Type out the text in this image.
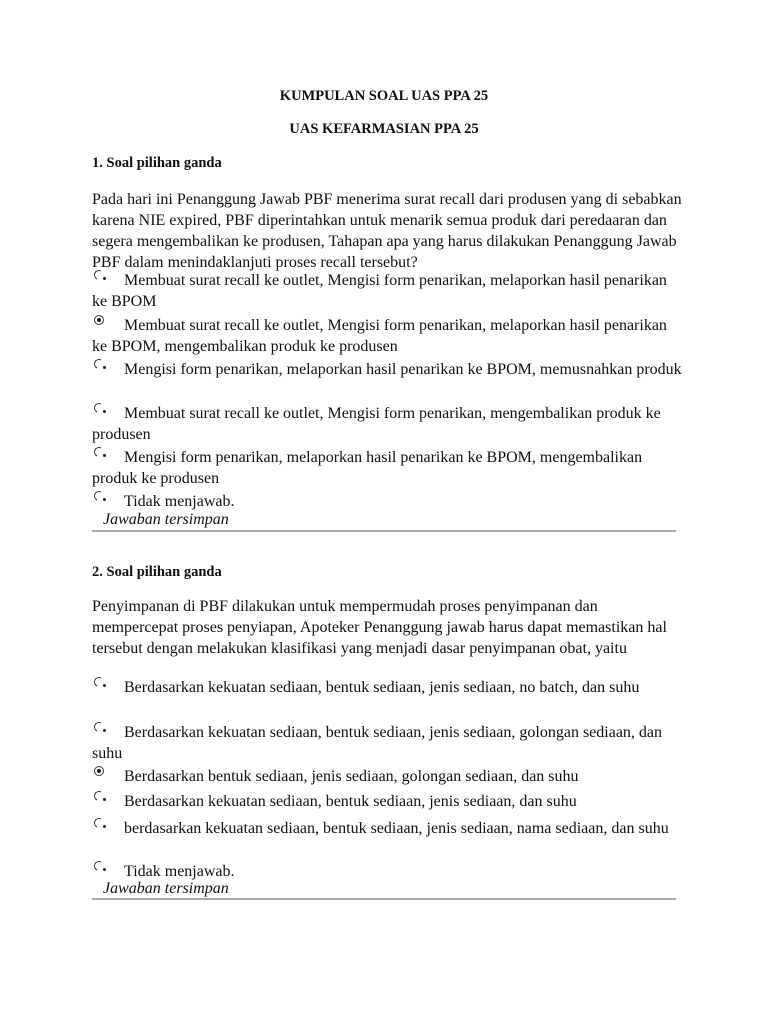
KUMPULAN SOAL UAS PPA 25
UAS KEFARMASIAN PPA 25
1. Soal pilihan ganda
Pada hari ini Penanggung Jawab PBF menerima surat recall dari produsen yang di sebabkan karena NIE expired, PBF diperintahkan untuk menarik semua produk dari peredaaran dan segera mengembalikan ke produsen, Tahapan apa yang harus dilakukan Penanggung Jawab PBF dalam menindaklanjuti proses recall tersebut?
Membuat surat recall ke outlet, Mengisi form penarikan, melaporkan hasil penarikan ke BPOM
Membuat surat recall ke outlet, Mengisi form penarikan, melaporkan hasil penarikan ke BPOM, mengembalikan produk ke produsen
Mengisi form penarikan, melaporkan hasil penarikan ke BPOM, memusnahkan produk
Membuat surat recall ke outlet, Mengisi form penarikan, mengembalikan produk ke produsen
Mengisi form penarikan, melaporkan hasil penarikan ke BPOM, mengembalikan produk ke produsen
Tidak menjawab.
Jawaban tersimpan
2. Soal pilihan ganda
Penyimpanan di PBF dilakukan untuk mempermudah proses penyimpanan dan mempercepat proses penyiapan, Apoteker Penanggung jawab harus dapat memastikan hal tersebut dengan melakukan klasifikasi yang menjadi dasar penyimpanan obat, yaitu
Berdasarkan kekuatan sediaan, bentuk sediaan, jenis sediaan, no batch, dan suhu
Berdasarkan kekuatan sediaan, bentuk sediaan, jenis sediaan, golongan sediaan, dan suhu
Berdasarkan bentuk sediaan, jenis sediaan, golongan sediaan, dan suhu
Berdasarkan kekuatan sediaan, bentuk sediaan, jenis sediaan, dan suhu
berdasarkan kekuatan sediaan, bentuk sediaan, jenis sediaan, nama sediaan, dan suhu
Tidak menjawab.
Jawaban tersimpan
